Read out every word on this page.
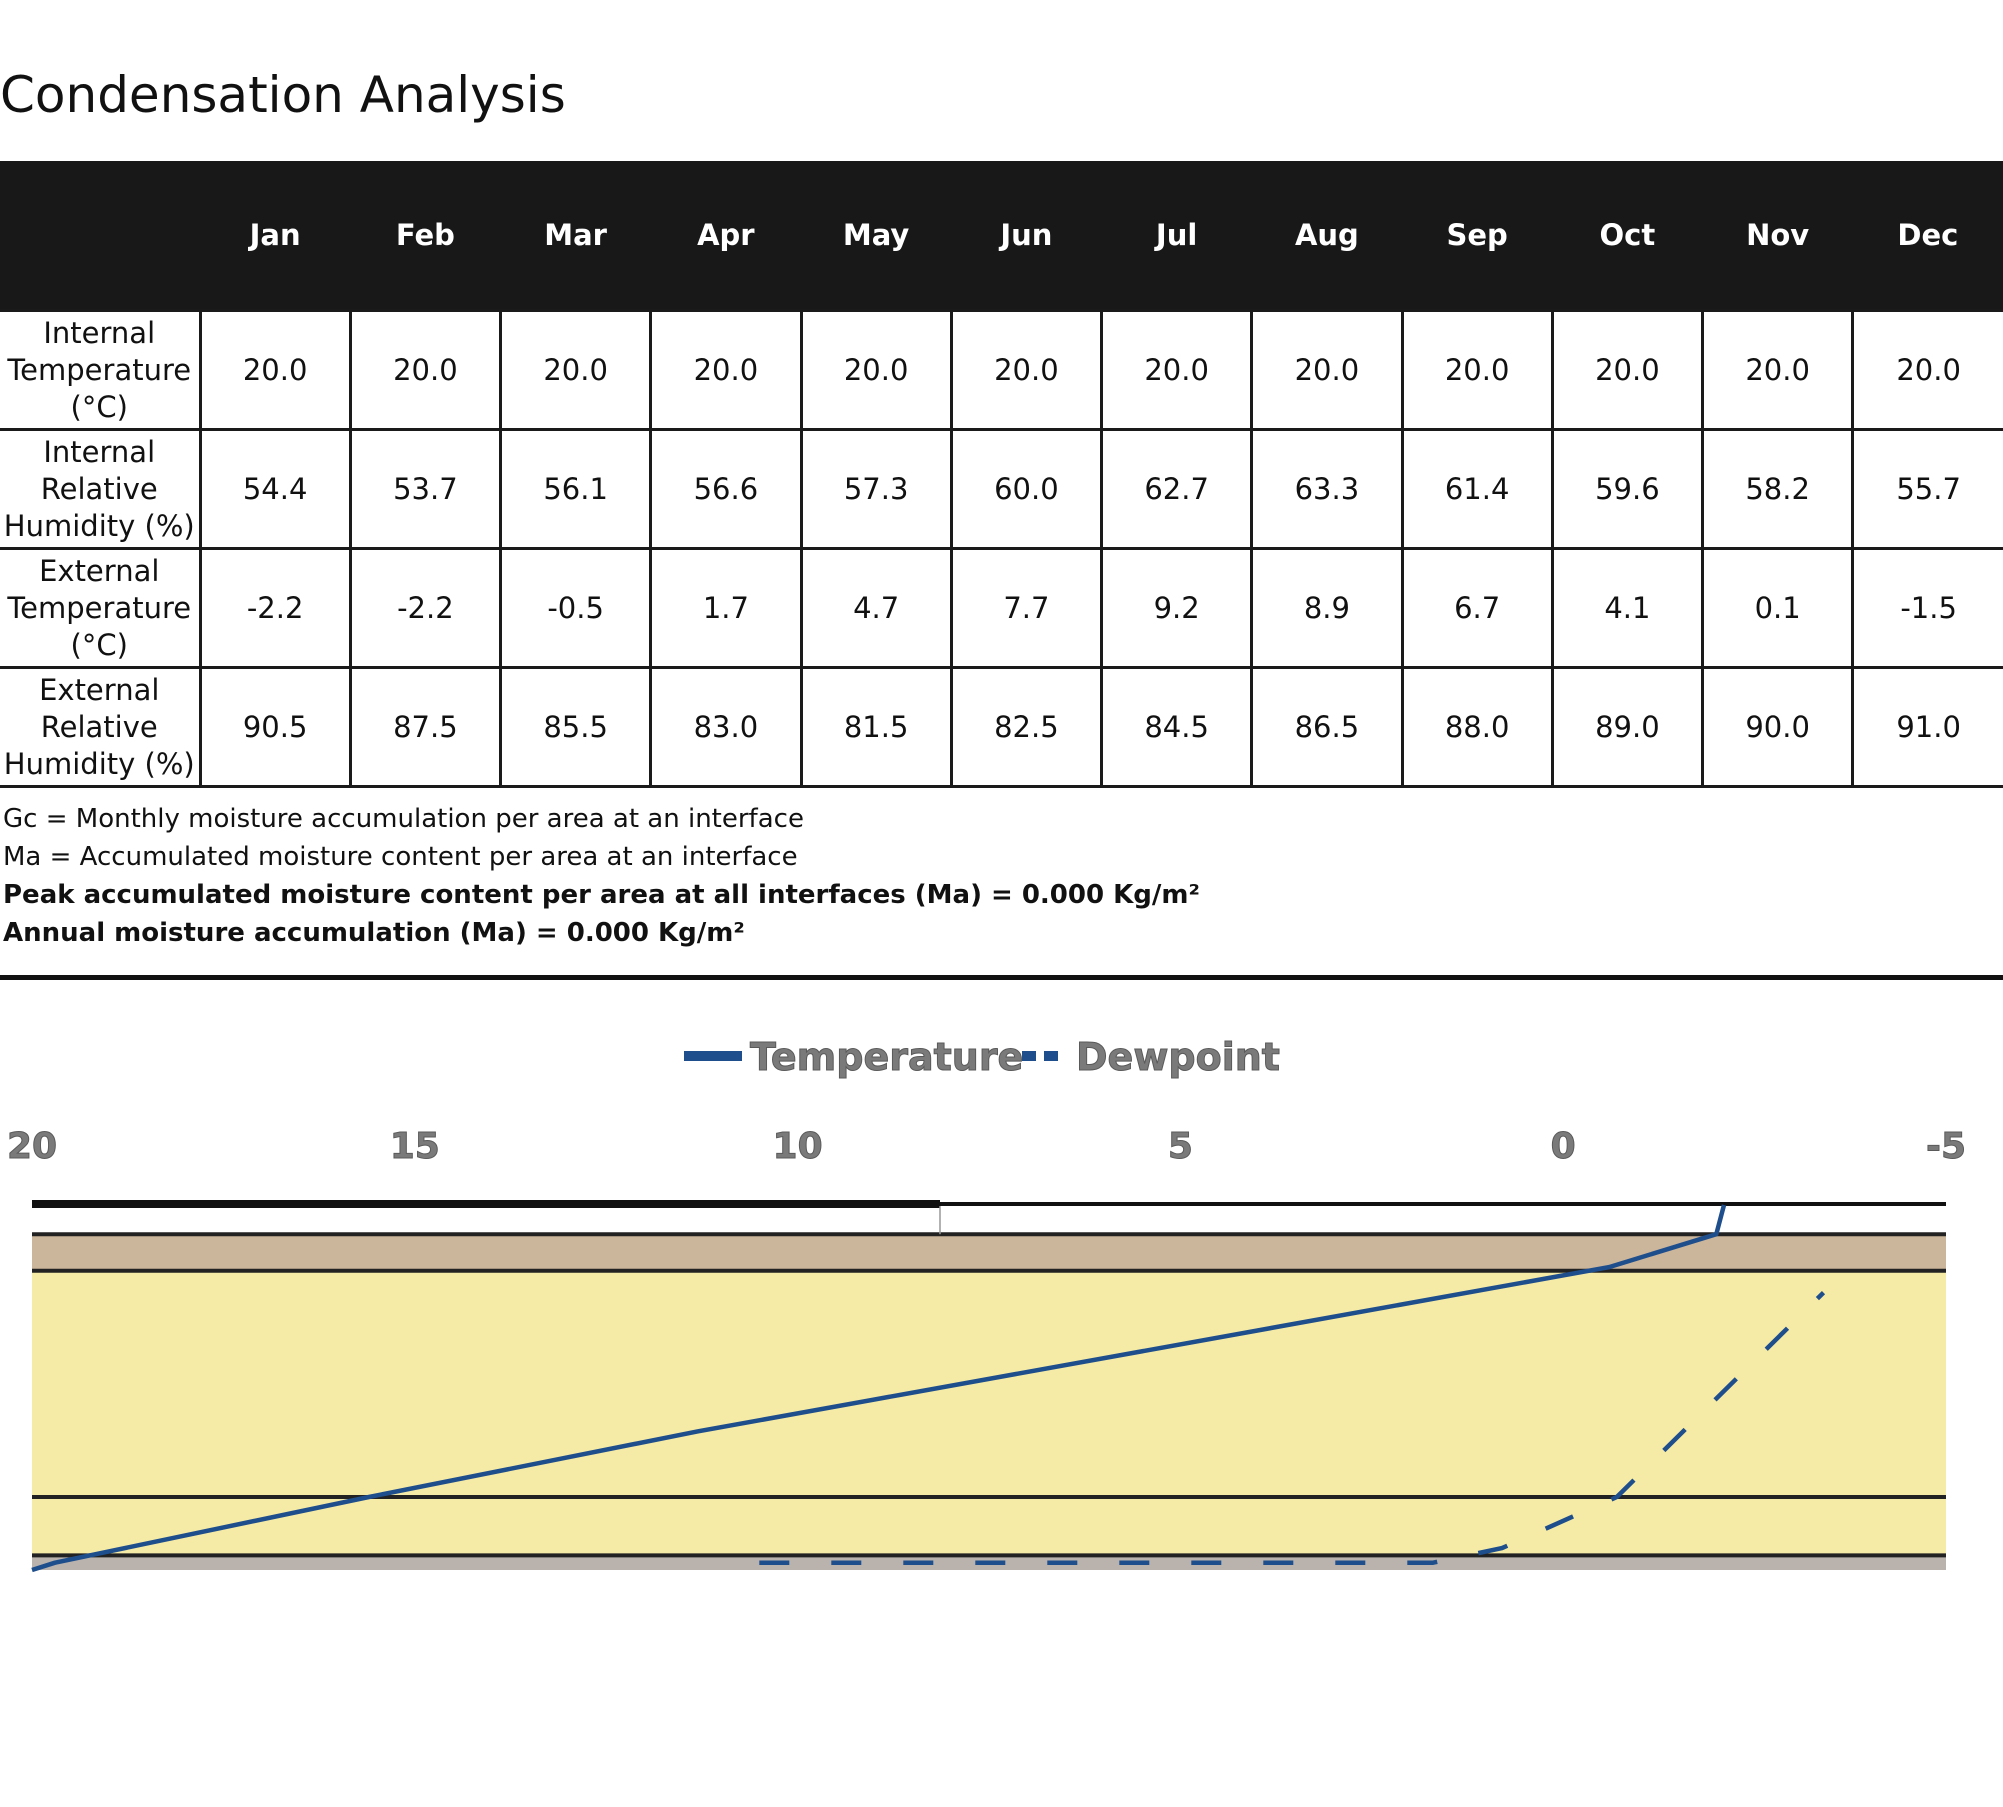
Condensation Analysis
	Jan	Feb	Mar	Apr	May	Jun	Jul	Aug	Sep	Oct	Nov	Dec

Internal
Temperature
(°C)	20.0	20.0	20.0	20.0	20.0	20.0	20.0	20.0	20.0	20.0	20.0	20.0

Internal
Relative
Humidity (%)	54.4	53.7	56.1	56.6	57.3	60.0	62.7	63.3	61.4	59.6	58.2	55.7

External
Temperature
(°C)	-2.2	-2.2	-0.5	1.7	4.7	7.7	9.2	8.9	6.7	4.1	0.1	-1.5

External
Relative
Humidity (%)	90.5	87.5	85.5	83.0	81.5	82.5	84.5	86.5	88.0	89.0	90.0	91.0
Gc = Monthly moisture accumulation per area at an interface
Ma = Accumulated moisture content per area at an interface
Peak accumulated moisture content per area at all interfaces (Ma) = 0.000 Kg/m²
Annual moisture accumulation (Ma) = 0.000 Kg/m²
20	15	10	5	0	-5
Temperature Dewpoint
